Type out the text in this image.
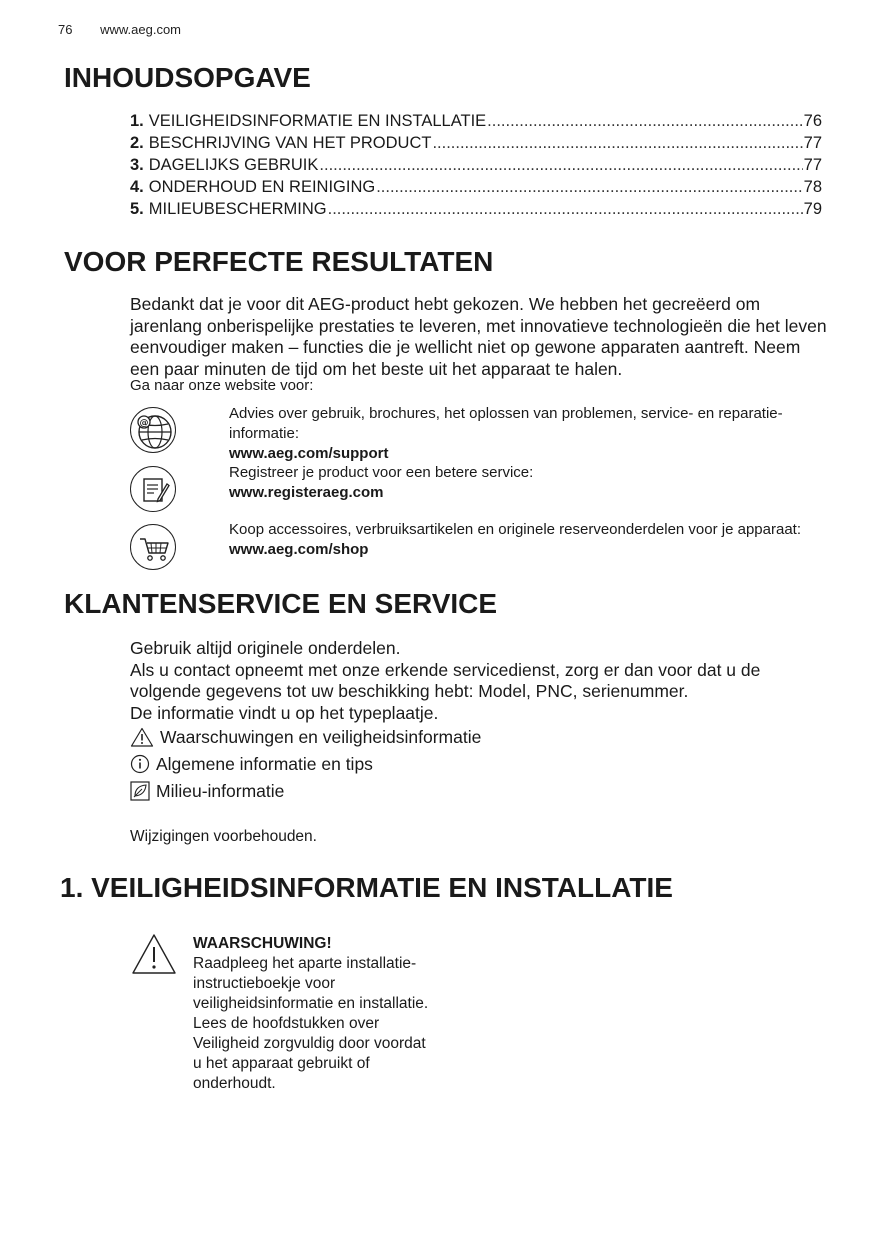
76 www.aeg.com
INHOUDSOPGAVE
1. VEILIGHEIDSINFORMATIE EN INSTALLATIE .....	76
2. BESCHRIJVING VAN HET PRODUCT .....	77
3. DAGELIJKS GEBRUIK .....	77
4. ONDERHOUD EN REINIGING .....	78
5. MILIEUBESCHERMING .....	79
VOOR PERFECTE RESULTATEN
Bedankt dat je voor dit AEG-product hebt gekozen. We hebben het gecreëerd om jarenlang onberispelijke prestaties te leveren, met innovatieve technologieën die het leven eenvoudiger maken – functies die je wellicht niet op gewone apparaten aantreft. Neem een paar minuten de tijd om het beste uit het apparaat te halen.
Ga naar onze website voor:
@
Advies over gebruik, brochures, het oplossen van problemen, service- en reparatie-informatie:
www.aeg.com/support
Registreer je product voor een betere service:
www.registeraeg.com
Koop accessoires, verbruiksartikelen en originele reserveonderdelen voor je apparaat:
www.aeg.com/shop
KLANTENSERVICE EN SERVICE
Gebruik altijd originele onderdelen.
Als u contact opneemt met onze erkende servicedienst, zorg er dan voor dat u de volgende gegevens tot uw beschikking hebt: Model, PNC, serienummer.
De informatie vindt u op het typeplaatje.
Waarschuwingen en veiligheidsinformatie
Algemene informatie en tips
Milieu-informatie
Wijzigingen voorbehouden.
1. VEILIGHEIDSINFORMATIE EN INSTALLATIE
WAARSCHUWING!
Raadpleeg het aparte installatie-instructieboekje voor veiligheidsinformatie en installatie. Lees de hoofdstukken over Veiligheid zorgvuldig door voordat u het apparaat gebruikt of onderhoudt.
